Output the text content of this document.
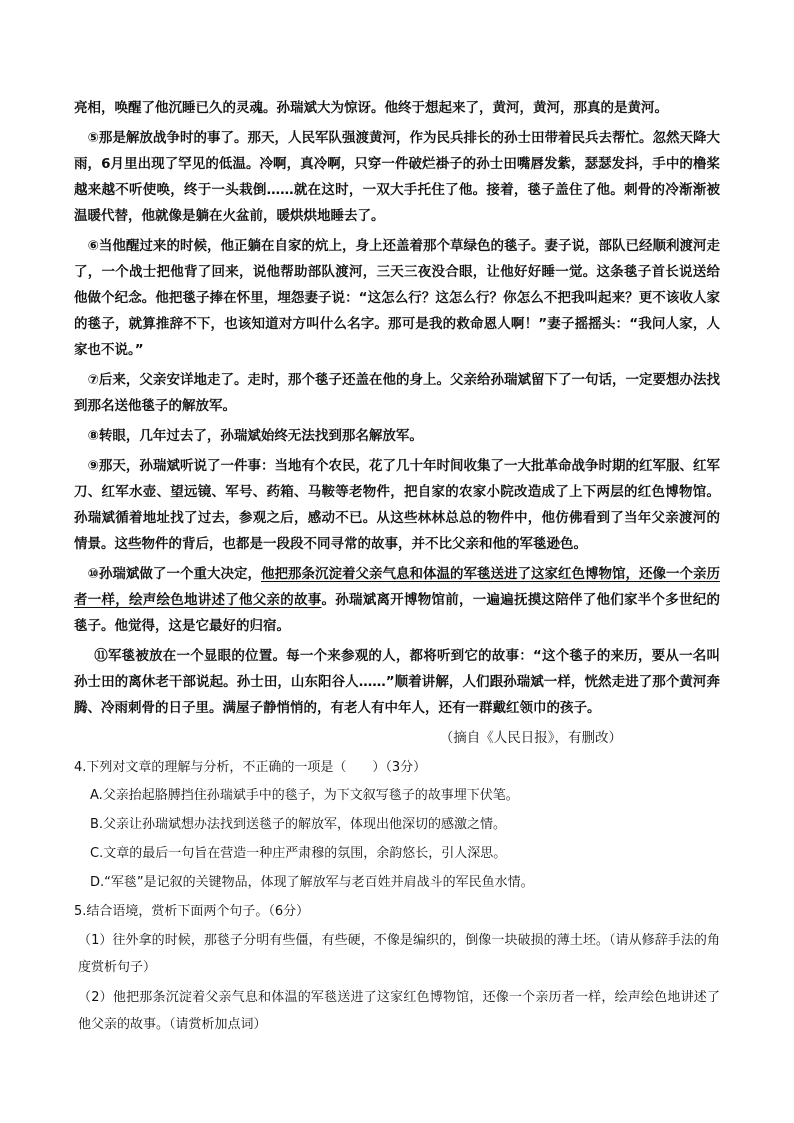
亮相，唤醒了他沉睡已久的灵魂。孙瑞斌大为惊讶。他终于想起来了，黄河，黄河，那真的是黄河。

⑤那是解放战争时的事了。那天，人民军队强渡黄河，作为民兵排长的孙士田带着民兵去帮忙。忽然天降大雨，6月里出现了罕见的低温。冷啊，真冷啊，只穿一件破烂褂子的孙士田嘴唇发紫，瑟瑟发抖，手中的橹桨越来越不听使唤，终于一头栽倒……就在这时，一双大手托住了他。接着，毯子盖住了他。刺骨的冷渐渐被温暖代替，他就像是躺在火盆前，暖烘烘地睡去了。

⑥当他醒过来的时候，他正躺在自家的炕上，身上还盖着那个草绿色的毯子。妻子说，部队已经顺利渡河走了，一个战士把他背了回来，说他帮助部队渡河，三天三夜没合眼，让他好好睡一觉。这条毯子首长说送给他做个纪念。他把毯子捧在怀里，埋怨妻子说：“这怎么行？这怎么行？你怎么不把我叫起来？更不该收人家的毯子，就算推辞不下，也该知道对方叫什么名字。那可是我的救命恩人啊！”妻子摇摇头：“我问人家，人家也不说。”

⑦后来，父亲安详地走了。走时，那个毯子还盖在他的身上。父亲给孙瑞斌留下了一句话，一定要想办法找到那名送他毯子的解放军。

⑧转眼，几年过去了，孙瑞斌始终无法找到那名解放军。

⑨那天，孙瑞斌听说了一件事：当地有个农民，花了几十年时间收集了一大批革命战争时期的红军服、红军刀、红军水壶、望远镜、军号、药箱、马鞍等老物件，把自家的农家小院改造成了上下两层的红色博物馆。孙瑞斌循着地址找了过去，参观之后，感动不已。从这些林林总总的物件中，他仿佛看到了当年父亲渡河的情景。这些物件的背后，也都是一段段不同寻常的故事，并不比父亲和他的军毯逊色。

⑩孙瑞斌做了一个重大决定，他把那条沉淀着父亲气息和体温的军毯送进了这家红色博物馆，还像一个亲历者一样，绘声绘色地讲述了他父亲的故事。孙瑞斌离开博物馆前，一遍遍抚摸这陪伴了他们家半个多世纪的毯子。他觉得，这是它最好的归宿。

⑪军毯被放在一个显眼的位置。每一个来参观的人，都将听到它的故事：“这个毯子的来历，要从一名叫孙士田的离休老干部说起。孙士田，山东阳谷人……”顺着讲解，人们跟孙瑞斌一样，恍然走进了那个黄河奔腾、冷雨刺骨的日子里。满屋子静悄悄的，有老人有中年人，还有一群戴红领巾的孩子。

（摘自《人民日报》，有删改）

4.下列对文章的理解与分析，不正确的一项是（　　）（3分）

A.父亲抬起胳膊挡住孙瑞斌手中的毯子，为下文叙写毯子的故事埋下伏笔。

B.父亲让孙瑞斌想办法找到送毯子的解放军，体现出他深切的感激之情。

C.文章的最后一句旨在营造一种庄严肃穆的氛围，余韵悠长，引人深思。

D.“军毯”是记叙的关键物品，体现了解放军与老百姓并肩战斗的军民鱼水情。

5.结合语境，赏析下面两个句子。（6分）

（1）往外拿的时候，那毯子分明有些僵，有些硬，不像是编织的，倒像一块破损的薄土坯。（请从修辞手法的角度赏析句子）

（2）他把那条沉淀着父亲气息和体温的军毯送进了这家红色博物馆，还像一个亲历者一样，绘声绘色地讲述了他父亲的故事。（请赏析加点词）
